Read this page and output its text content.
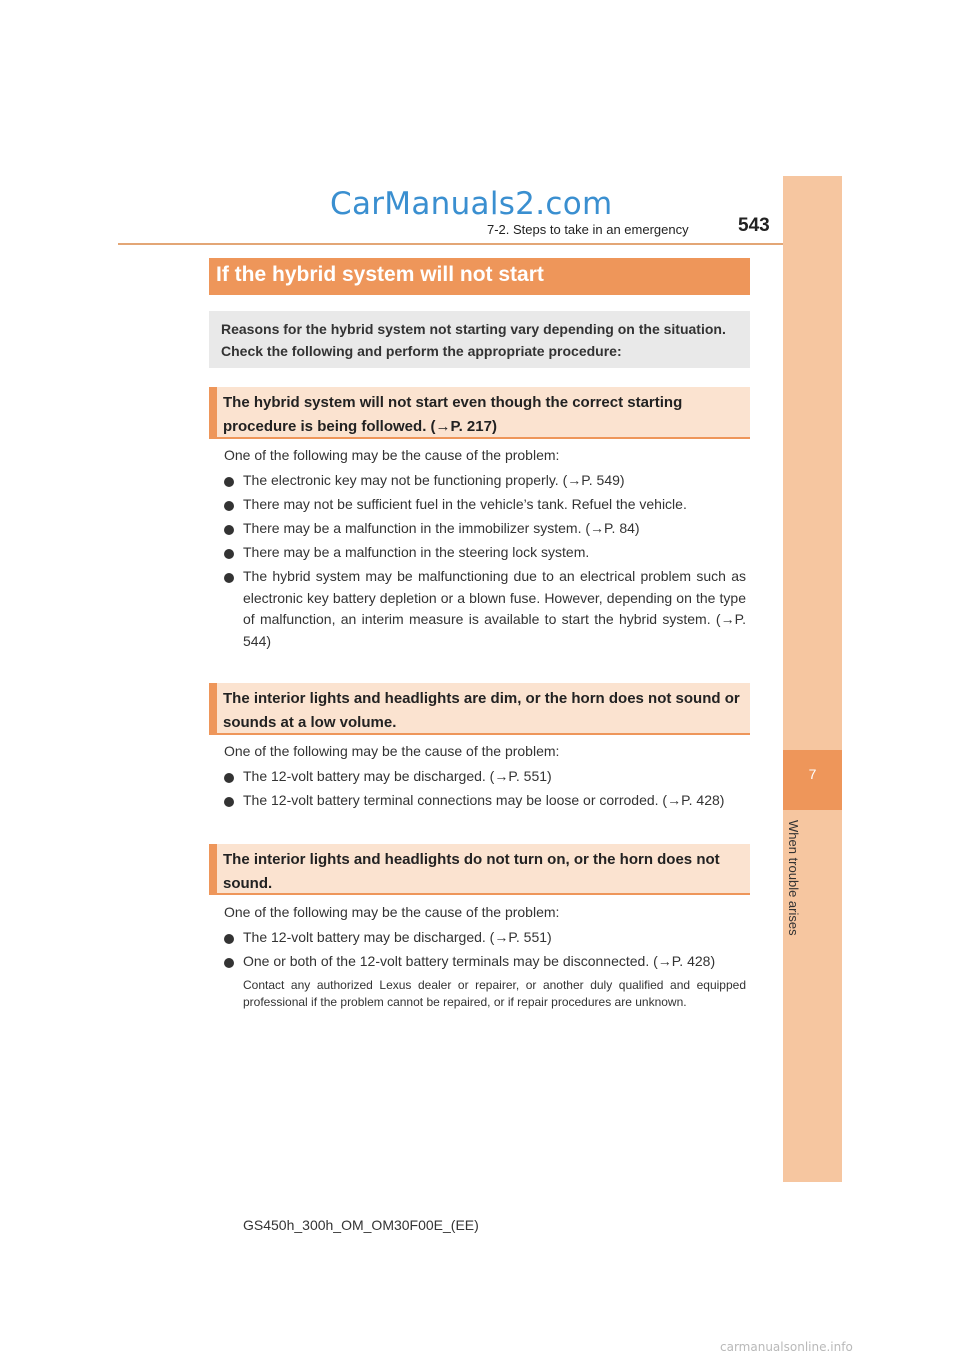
CarManuals2.com
7-2. Steps to take in an emergency	543
7
When trouble arises
If the hybrid system will not start
Reasons for the hybrid system not starting vary depending on the situation. Check the following and perform the appropriate procedure:
The hybrid system will not start even though the correct starting procedure is being followed. (→P. 217)
One of the following may be the cause of the problem:
The electronic key may not be functioning properly. (→P. 549)
There may not be sufficient fuel in the vehicle’s tank. Refuel the vehicle.
There may be a malfunction in the immobilizer system. (→P. 84)
There may be a malfunction in the steering lock system.
The hybrid system may be malfunctioning due to an electrical problem such as electronic key battery depletion or a blown fuse. However, depending on the type of malfunction, an interim measure is available to start the hybrid system. (→P. 544)
The interior lights and headlights are dim, or the horn does not sound or sounds at a low volume.
One of the following may be the cause of the problem:
The 12-volt battery may be discharged. (→P. 551)
The 12-volt battery terminal connections may be loose or corroded. (→P. 428)
The interior lights and headlights do not turn on, or the horn does not sound.
One of the following may be the cause of the problem:
The 12-volt battery may be discharged. (→P. 551)
One or both of the 12-volt battery terminals may be disconnected. (→P. 428)
Contact any authorized Lexus dealer or repairer, or another duly qualified and equipped professional if the problem cannot be repaired, or if repair procedures are unknown.
GS450h_300h_OM_OM30F00E_(EE)
carmanualsonline.info
